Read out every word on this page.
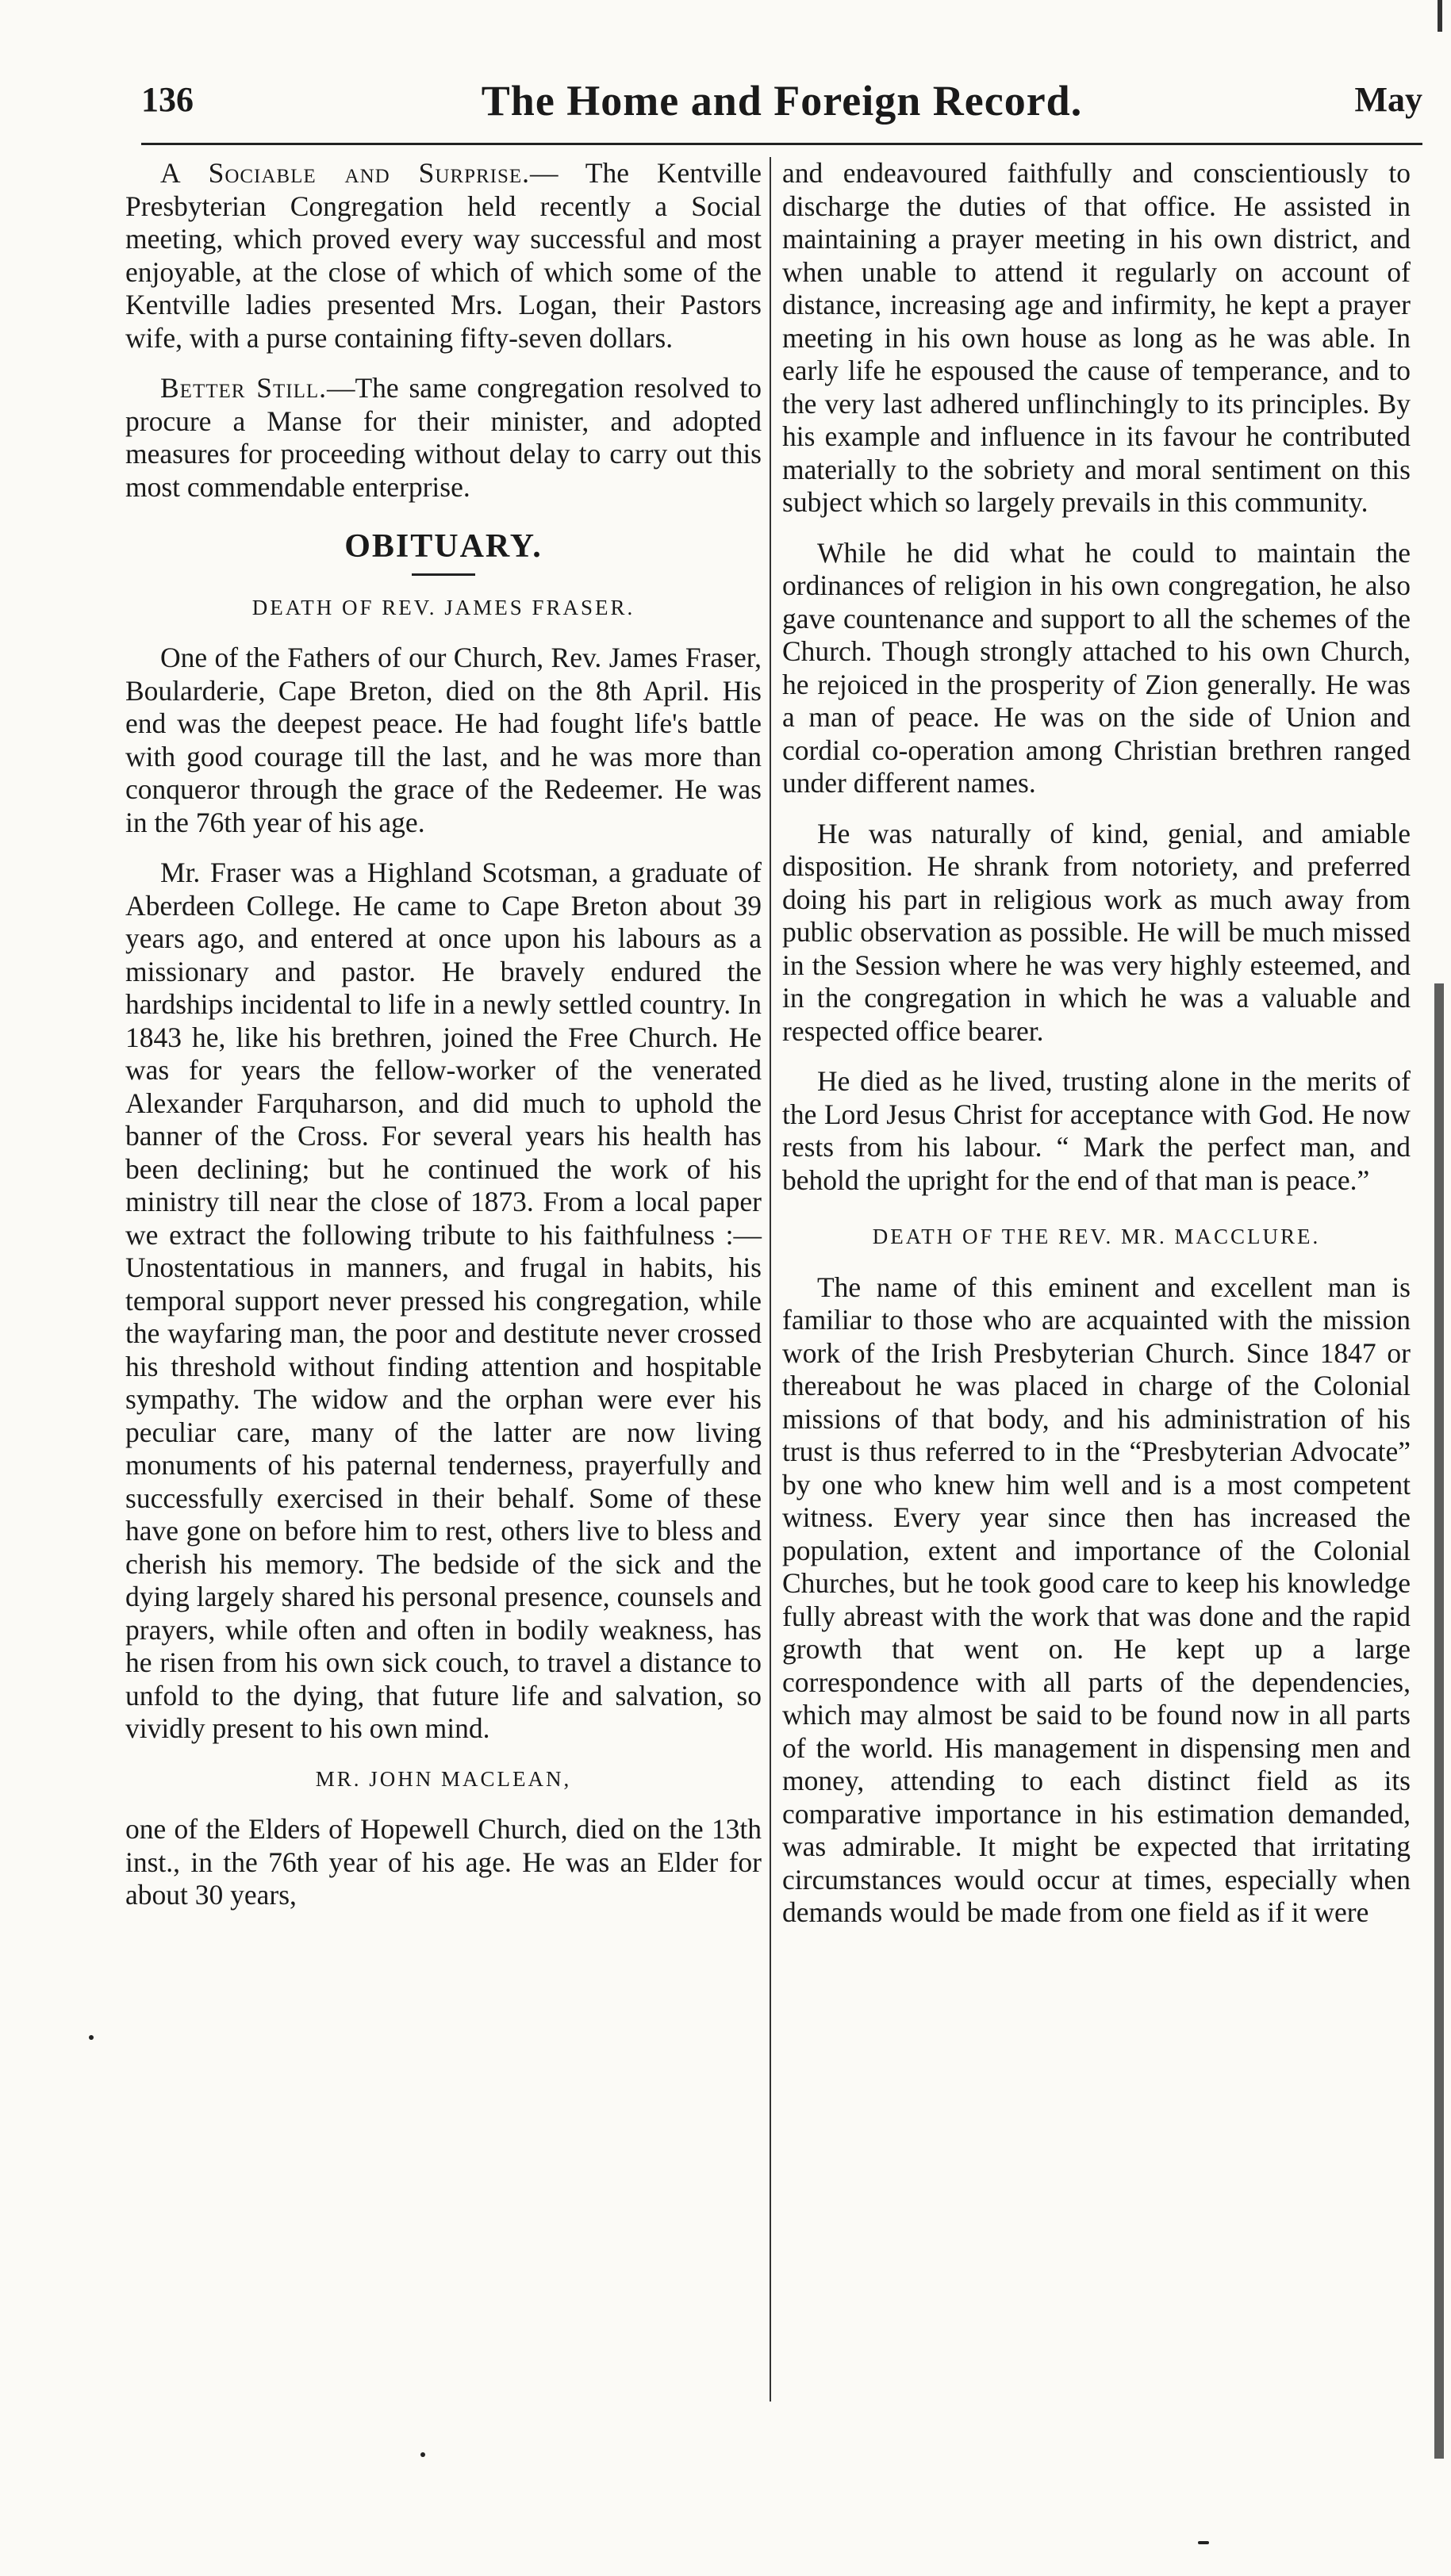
136	The Home and Foreign Record.	May

A Sociable and Surprise.— The Kentville Presbyterian Congregation held recently a Social meeting, which proved every way successful and most enjoyable, at the close of which of which some of the Kentville ladies presented Mrs. Logan, their Pastors wife, with a purse containing fifty-seven dollars.

Better Still.—The same congregation resolved to procure a Manse for their minister, and adopted measures for proceeding without delay to carry out this most commendable enterprise.

OBITUARY.
DEATH OF REV. JAMES FRASER.

One of the Fathers of our Church, Rev. James Fraser, Boularderie, Cape Breton, died on the 8th April. His end was the deepest peace. He had fought life's battle with good courage till the last, and he was more than conqueror through the grace of the Redeemer. He was in the 76th year of his age.

Mr. Fraser was a Highland Scotsman, a graduate of Aberdeen College. He came to Cape Breton about 39 years ago, and entered at once upon his labours as a missionary and pastor. He bravely endured the hardships incidental to life in a newly settled country. In 1843 he, like his brethren, joined the Free Church. He was for years the fellow-worker of the venerated Alexander Farquharson, and did much to uphold the banner of the Cross. For several years his health has been declining; but he continued the work of his ministry till near the close of 1873. From a local paper we extract the following tribute to his faithfulness :—Unostentatious in manners, and frugal in habits, his temporal support never pressed his congregation, while the wayfaring man, the poor and destitute never crossed his threshold without finding attention and hospitable sympathy. The widow and the orphan were ever his peculiar care, many of the latter are now living monuments of his paternal tenderness, prayerfully and successfully exercised in their behalf. Some of these have gone on before him to rest, others live to bless and cherish his memory. The bedside of the sick and the dying largely shared his personal presence, counsels and prayers, while often and often in bodily weakness, has he risen from his own sick couch, to travel a distance to unfold to the dying, that future life and salvation, so vividly present to his own mind.

MR. JOHN MACLEAN,

one of the Elders of Hopewell Church, died on the 13th inst., in the 76th year of his age. He was an Elder for about 30 years,

and endeavoured faithfully and conscientiously to discharge the duties of that office. He assisted in maintaining a prayer meeting in his own district, and when unable to attend it regularly on account of distance, increasing age and infirmity, he kept a prayer meeting in his own house as long as he was able. In early life he espoused the cause of temperance, and to the very last adhered unflinchingly to its principles. By his example and influence in its favour he contributed materially to the sobriety and moral sentiment on this subject which so largely prevails in this community.

While he did what he could to maintain the ordinances of religion in his own congregation, he also gave countenance and support to all the schemes of the Church. Though strongly attached to his own Church, he rejoiced in the prosperity of Zion generally. He was a man of peace. He was on the side of Union and cordial co-operation among Christian brethren ranged under different names.

He was naturally of kind, genial, and amiable disposition. He shrank from notoriety, and preferred doing his part in religious work as much away from public observation as possible. He will be much missed in the Session where he was very highly esteemed, and in the congregation in which he was a valuable and respected office bearer.

He died as he lived, trusting alone in the merits of the Lord Jesus Christ for acceptance with God. He now rests from his labour. “ Mark the perfect man, and behold the upright for the end of that man is peace.”

DEATH OF THE REV. MR. MACCLURE.

The name of this eminent and excellent man is familiar to those who are acquainted with the mission work of the Irish Presbyterian Church. Since 1847 or thereabout he was placed in charge of the Colonial missions of that body, and his administration of his trust is thus referred to in the “Presbyterian Advocate” by one who knew him well and is a most competent witness. Every year since then has increased the population, extent and importance of the Colonial Churches, but he took good care to keep his knowledge fully abreast with the work that was done and the rapid growth that went on. He kept up a large correspondence with all parts of the dependencies, which may almost be said to be found now in all parts of the world. His management in dispensing men and money, attending to each distinct field as its comparative importance in his estimation demanded, was admirable. It might be expected that irritating circumstances would occur at times, especially when demands would be made from one field as if it were
